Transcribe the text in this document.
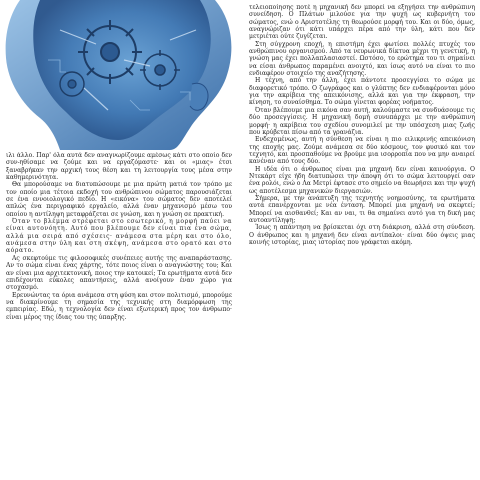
ιλι άλλο. Παρ' όλα αυτά δεν αναγνωρίζουμε αμέσως κάτι στο οποίο δεν συν-ηθίσαμε να ζούμε και να εργαζόμαστε· και οι «μιας» έτσι ξαναβρήκαν την αρχική τους θέση και τη λειτουργία τους μέσα στην καθημερινότητα.

Θα μπορούσαμε να διατυπώσουμε με μια πρώτη ματιά τον τρόπο με τον οποίο μια τέτοια εκδοχή του ανθρώπινου σώματος παρουσιάζεται σε ένα εννοιολογικό πεδίο. Η «εικόνα» του σώματος δεν αποτελεί απλώς ένα περιγραφικό εργαλείο, αλλά έναν μηχανισμό μέσω του οποίου η αντίληψη μεταφράζεται σε γνώση, και η γνώση σε πρακτική.

Όταν το βλέμμα στρέφεται στο εσωτερικό, η μορφή παύει να είναι αυτονόητη. Αυτό που βλέπουμε δεν είναι πια ένα σώμα, αλλά μια σειρά από σχέσεις· ανάμεσα στα μέρη και στο όλο, ανάμεσα στην ύλη και στη σκέψη, ανάμεσα στο ορατό και στο αόρατο.

Ας σκεφτούμε τις φιλοσοφικές συνέπειες αυτής της αναπαράστασης. Αν το σώμα είναι ένας χάρτης, τότε ποιος είναι ο αναγνώστης του; Και αν είναι μια αρχιτεκτονική, ποιος την κατοικεί; Τα ερωτήματα αυτά δεν επιδέχονται εύκολες απαντήσεις, αλλά ανοίγουν έναν χώρο για στοχασμό.

Ερευνώντας τα όρια ανάμεσα στη φύση και στον πολιτισμό, μπορούμε να διακρίνουμε τη σημασία της τεχνικής στη διαμόρφωση της εμπειρίας. Εδώ, η τεχνολογία δεν είναι εξωτερική προς τον άνθρωπο· είναι μέρος της ίδιας του της ύπαρξης.

τελειοποίησης ποτέ η μηχανική δεν μπορεί να εξηγήσει την ανθρώπινη συνείδηση. Ο Πλάτων μιλούσε για την ψυχή ως κυβερνήτη του σώματος, ενώ ο Αριστοτέλης τη θεωρούσε μορφή του. Και οι δύο, όμως, αναγνώριζαν ότι κάτι υπάρχει πέρα από την ύλη, κάτι που δεν μετριέται ούτε ζυγίζεται.

Στη σύγχρονη εποχή, η επιστήμη έχει φωτίσει πολλές πτυχές του ανθρώπινου οργανισμού. Από τα νευρωνικά δίκτυα μέχρι τη γενετική, η γνώση μας έχει πολλαπλασιαστεί. Ωστόσο, το ερώτημα του τι σημαίνει να είσαι άνθρωπος παραμένει ανοιχτό, και ίσως αυτό να είναι το πιο ενδιαφέρον στοιχείο της αναζήτησης.

Η τέχνη, από την άλλη, έχει πάντοτε προσεγγίσει το σώμα με διαφορετικό τρόπο. Ο ζωγράφος και ο γλύπτης δεν ενδιαφέρονται μόνο για την ακρίβεια της απεικόνισης, αλλά και για την έκφραση, την κίνηση, το συναίσθημα. Το σώμα γίνεται φορέας νοήματος.

Όταν βλέπουμε μια εικόνα σαν αυτή, καλούμαστε να συνδυάσουμε τις δύο προσεγγίσεις. Η μηχανική δομή συνυπάρχει με την ανθρώπινη μορφή· η ακρίβεια του σχεδίου συνομιλεί με την υπόσχεση μιας ζωής που κρύβεται πίσω από τα γρανάζια.

Ενδεχομένως, αυτή η σύνθεση να είναι η πιο ειλικρινής απεικόνιση της εποχής μας. Ζούμε ανάμεσα σε δύο κόσμους, τον φυσικό και τον τεχνητό, και προσπαθούμε να βρούμε μια ισορροπία που να μην αναιρεί κανέναν από τους δύο.

Η ιδέα ότι ο άνθρωπος είναι μια μηχανή δεν είναι καινούργια. Ο Ντεκάρτ είχε ήδη διατυπώσει την άποψη ότι το σώμα λειτουργεί σαν ένα ρολόι, ενώ ο Λα Μετρί έφτασε στο σημείο να θεωρήσει και την ψυχή ως αποτέλεσμα μηχανικών διεργασιών.

Σήμερα, με την ανάπτυξη της τεχνητής νοημοσύνης, τα ερωτήματα αυτά επανέρχονται με νέα ένταση. Μπορεί μια μηχανή να σκεφτεί; Μπορεί να αισθανθεί; Και αν ναι, τι θα σημαίνει αυτό για τη δική μας αυτοαντίληψη;

Ίσως η απάντηση να βρίσκεται όχι στη διάκριση, αλλά στη σύνδεση. Ο άνθρωπος και η μηχανή δεν είναι αντίπαλοι· είναι δύο όψεις μιας κοινής ιστορίας, μιας ιστορίας που γράφεται ακόμη.
